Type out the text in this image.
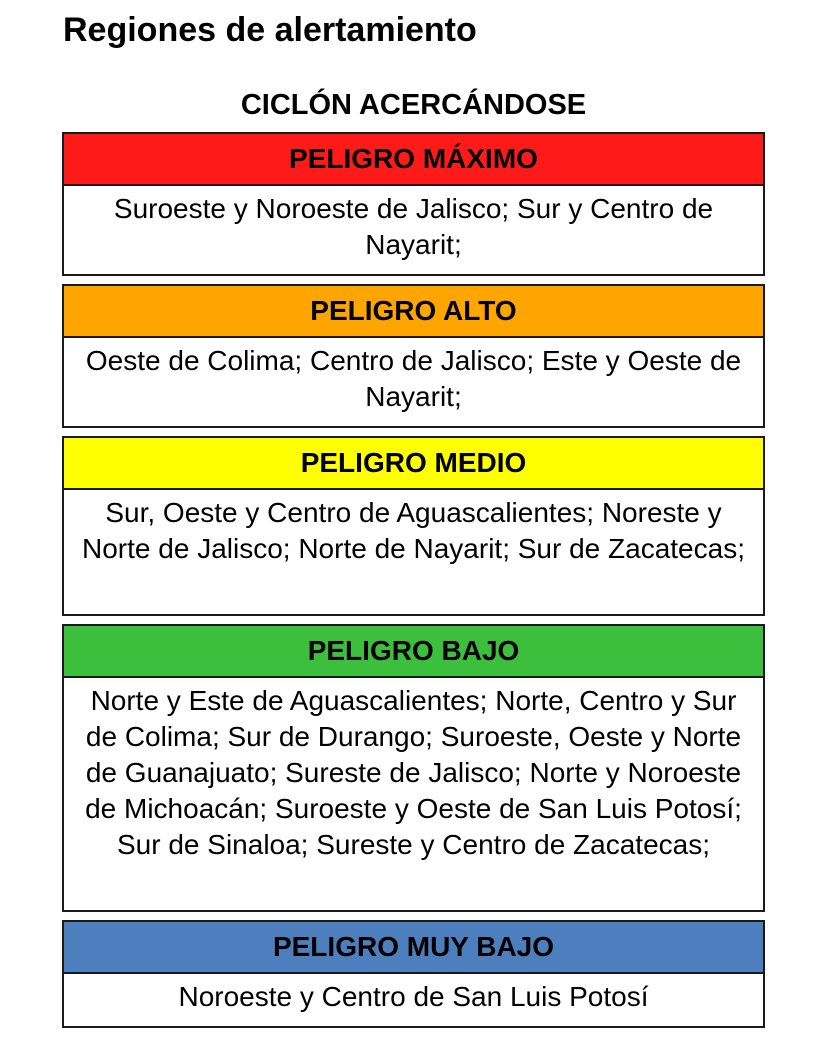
Regiones de alertamiento
CICLÓN ACERCÁNDOSE
PELIGRO MÁXIMO
Suroeste y Noroeste de Jalisco; Sur y Centro de Nayarit;
PELIGRO ALTO
Oeste de Colima; Centro de Jalisco; Este y Oeste de Nayarit;
PELIGRO MEDIO
Sur, Oeste y Centro de Aguascalientes; Noreste y Norte de Jalisco; Norte de Nayarit; Sur de Zacatecas;
PELIGRO BAJO
Norte y Este de Aguascalientes; Norte, Centro y Sur de Colima; Sur de Durango; Suroeste, Oeste y Norte de Guanajuato; Sureste de Jalisco; Norte y Noroeste de Michoacán; Suroeste y Oeste de San Luis Potosí; Sur de Sinaloa; Sureste y Centro de Zacatecas;
PELIGRO MUY BAJO
Noroeste y Centro de San Luis Potosí
